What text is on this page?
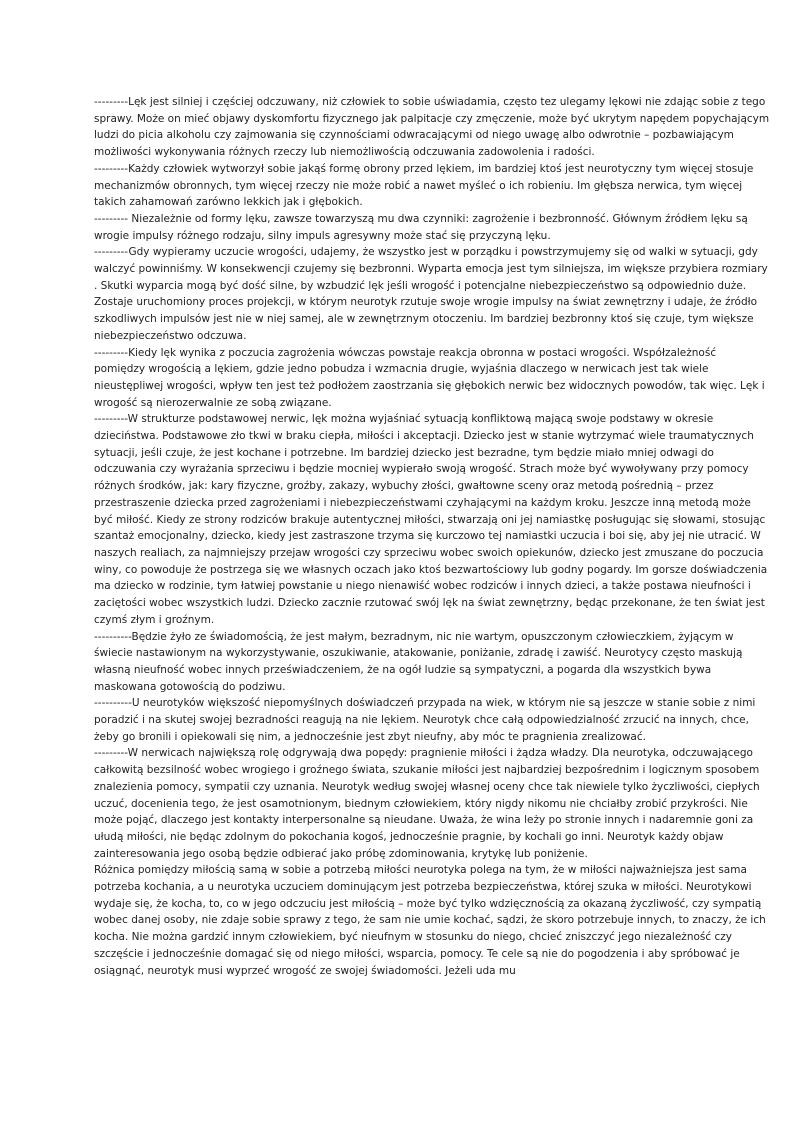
---------Lęk jest silniej i częściej odczuwany, niż człowiek to sobie uświadamia, często tez ulegamy lękowi nie zdając sobie z tego sprawy. Może on mieć objawy dyskomfortu fizycznego jak palpitacje czy zmęczenie, może być ukrytym napędem popychającym ludzi do picia alkoholu czy zajmowania się czynnościami odwracającymi od niego uwagę albo odwrotnie – pozbawiającym możliwości wykonywania różnych rzeczy lub niemożliwością odczuwania zadowolenia i radości.

---------Każdy człowiek wytworzył sobie jakąś formę obrony przed lękiem, im bardziej ktoś jest neurotyczny tym więcej stosuje mechanizmów obronnych, tym więcej rzeczy nie może robić a nawet myśleć o ich robieniu. Im głębsza nerwica, tym więcej takich zahamowań zarówno lekkich jak i głębokich.

--------- Niezależnie od formy lęku, zawsze towarzyszą mu dwa czynniki: zagrożenie i bezbronność. Głównym źródłem lęku są wrogie impulsy różnego rodzaju, silny impuls agresywny może stać się przyczyną lęku.

---------Gdy wypieramy uczucie wrogości, udajemy, że wszystko jest w porządku i powstrzymujemy się od walki w sytuacji, gdy walczyć powinniśmy. W konsekwencji czujemy się bezbronni. Wyparta emocja jest tym silniejsza, im większe przybiera rozmiary . Skutki wyparcia mogą być dość silne, by wzbudzić lęk jeśli wrogość i potencjalne niebezpieczeństwo są odpowiednio duże. Zostaje uruchomiony proces projekcji, w którym neurotyk rzutuje swoje wrogie impulsy na świat zewnętrzny i udaje, że źródło szkodliwych impulsów jest nie w niej samej, ale w zewnętrznym otoczeniu. Im bardziej bezbronny ktoś się czuje, tym większe niebezpieczeństwo odczuwa.

---------Kiedy lęk wynika z poczucia zagrożenia wówczas powstaje reakcja obronna w postaci wrogości. Współzależność pomiędzy wrogością a lękiem, gdzie jedno pobudza i wzmacnia drugie, wyjaśnia dlaczego w nerwicach jest tak wiele nieustępliwej wrogości, wpływ ten jest też podłożem zaostrzania się głębokich nerwic bez widocznych powodów, tak więc. Lęk i wrogość są nierozerwalnie ze sobą związane.

---------W strukturze podstawowej nerwic, lęk można wyjaśniać sytuacją konfliktową mającą swoje podstawy w okresie dzieciństwa. Podstawowe zło tkwi w braku ciepła, miłości i akceptacji. Dziecko jest w stanie wytrzymać wiele traumatycznych sytuacji, jeśli czuje, że jest kochane i potrzebne. Im bardziej dziecko jest bezradne, tym będzie miało mniej odwagi do odczuwania czy wyrażania sprzeciwu i będzie mocniej wypierało swoją wrogość. Strach może być wywoływany przy pomocy różnych środków, jak: kary fizyczne, groźby, zakazy, wybuchy złości, gwałtowne sceny oraz metodą pośrednią – przez przestraszenie dziecka przed zagrożeniami i niebezpieczeństwami czyhającymi na każdym kroku. Jeszcze inną metodą może być miłość. Kiedy ze strony rodziców brakuje autentycznej miłości, stwarzają oni jej namiastkę posługując się słowami, stosując szantaż emocjonalny, dziecko, kiedy jest zastraszone trzyma się kurczowo tej namiastki uczucia i boi się, aby jej nie utracić. W naszych realiach, za najmniejszy przejaw wrogości czy sprzeciwu wobec swoich opiekunów, dziecko jest zmuszane do poczucia winy, co powoduje że postrzega się we własnych oczach jako ktoś bezwartościowy lub godny pogardy. Im gorsze doświadczenia ma dziecko w rodzinie, tym łatwiej powstanie u niego nienawiść wobec rodziców i innych dzieci, a także postawa nieufności i zaciętości wobec wszystkich ludzi. Dziecko zacznie rzutować swój lęk na świat zewnętrzny, będąc przekonane, że ten świat jest czymś złym i groźnym.

----------Będzie żyło ze świadomością, że jest małym, bezradnym, nic nie wartym, opuszczonym człowieczkiem, żyjącym w świecie nastawionym na wykorzystywanie, oszukiwanie, atakowanie, poniżanie, zdradę i zawiść. Neurotycy często maskują własną nieufność wobec innych przeświadczeniem, że na ogół ludzie są sympatyczni, a pogarda dla wszystkich bywa maskowana gotowością do podziwu.

----------U neurotyków większość niepomyślnych doświadczeń przypada na wiek, w którym nie są jeszcze w stanie sobie z nimi poradzić i na skutej swojej bezradności reagują na nie lękiem. Neurotyk chce całą odpowiedzialność zrzucić na innych, chce, żeby go bronili i opiekowali się nim, a jednocześnie jest zbyt nieufny, aby móc te pragnienia zrealizować.

---------W nerwicach największą rolę odgrywają dwa popędy: pragnienie miłości i żądza władzy. Dla neurotyka, odczuwającego całkowitą bezsilność wobec wrogiego i groźnego świata, szukanie miłości jest najbardziej bezpośrednim i logicznym sposobem znalezienia pomocy, sympatii czy uznania. Neurotyk według swojej własnej oceny chce tak niewiele tylko życzliwości, ciepłych uczuć, docenienia tego, że jest osamotnionym, biednym człowiekiem, który nigdy nikomu nie chciałby zrobić przykrości. Nie może pojąć, dlaczego jest kontakty interpersonalne są nieudane. Uważa, że wina leży po stronie innych i nadaremnie goni za ułudą miłości, nie będąc zdolnym do pokochania kogoś, jednocześnie pragnie, by kochali go inni. Neurotyk każdy objaw zainteresowania jego osobą będzie odbierać jako próbę zdominowania, krytykę lub poniżenie.

Różnica pomiędzy miłością samą w sobie a potrzebą miłości neurotyka polega na tym, że w miłości najważniejsza jest sama potrzeba kochania, a u neurotyka uczuciem dominującym jest potrzeba bezpieczeństwa, której szuka w miłości. Neurotykowi wydaje się, że kocha, to, co w jego odczuciu jest miłością – może być tylko wdzięcznością za okazaną życzliwość, czy sympatią wobec danej osoby, nie zdaje sobie sprawy z tego, że sam nie umie kochać, sądzi, że skoro potrzebuje innych, to znaczy, że ich kocha. Nie można gardzić innym człowiekiem, być nieufnym w stosunku do niego, chcieć zniszczyć jego niezależność czy szczęście i jednocześnie domagać się od niego miłości, wsparcia, pomocy. Te cele są nie do pogodzenia i aby spróbować je osiągnąć, neurotyk musi wyprzeć wrogość ze swojej świadomości. Jeżeli uda mu
